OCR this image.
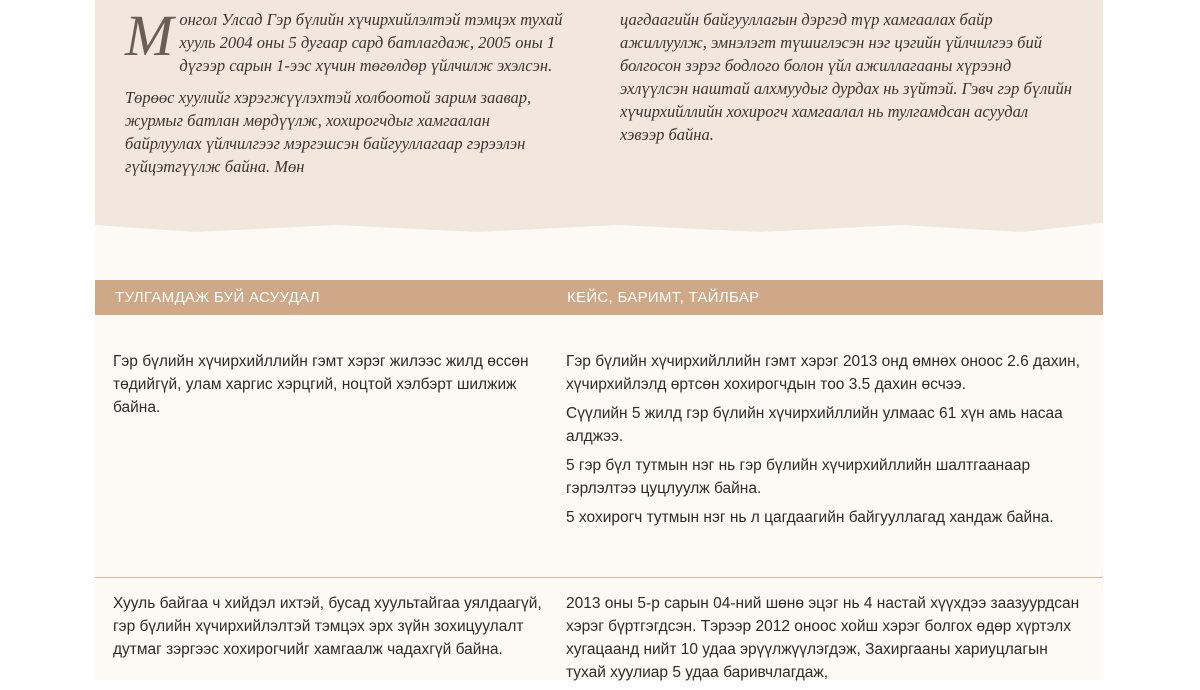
Монгол Улсад Гэр бүлийн хүчирхийлэлтэй тэмцэх тухай хууль 2004 оны 5 дугаар сард батлагдаж, 2005 оны 1 дүгээр сарын 1-ээс хүчин төгөлдөр үйлчилж эхэлсэн.

Төрөөс хуулийг хэрэгжүүлэхтэй холбоотой зарим заавар, журмыг батлан мөрдүүлж, хохирогчдыг хамгаалан байрлуулах үйлчилгээг мэргэшсэн байгууллагаар гэрээлэн гүйцэтгүүлж байна. Мөн

цагдаагийн байгууллагын дэргэд түр хамгаалах байр ажиллуулж, эмнэлэгт түшиглэсэн нэг цэгийн үйлчилгээ бий болгосон зэрэг бодлого болон үйл ажиллагааны хүрээнд эхлүүлсэн наштай алхмуудыг дурдах нь зүйтэй. Гэвч гэр бүлийн хүчирхийллийн хохирогч хамгаалал нь тулгамдсан асуудал хэвээр байна.

ТУЛГАМДАЖ БУЙ АСУУДАЛ	КЕЙС, БАРИМТ, ТАЙЛБАР

Гэр бүлийн хүчирхийллийн гэмт хэрэг жилээс жилд өссөн төдийгүй, улам харгис хэрцгий, ноцтой хэлбэрт шилжиж байна.

Гэр бүлийн хүчирхийллийн гэмт хэрэг 2013 онд өмнөх оноос 2.6 дахин, хүчирхийлэлд өртсөн хохирогчдын тоо 3.5 дахин өсчээ.

Сүүлийн 5 жилд гэр бүлийн хүчирхийллийн улмаас 61 хүн амь насаа алджээ.

5 гэр бүл тутмын нэг нь гэр бүлийн хүчирхийллийн шалтгаанаар гэрлэлтээ цуцлуулж байна.

5 хохирогч тутмын нэг нь л цагдаагийн байгууллагад хандаж байна.

Хууль байгаа ч хийдэл ихтэй, бусад хуультайгаа уялдаагүй, гэр бүлийн хүчирхийлэлтэй тэмцэх эрх зүйн зохицуулалт дутмаг зэргээс хохирогчийг хамгаалж чадахгүй байна.

2013 оны 5-р сарын 04-ний шөнө эцэг нь 4 настай хүүхдээ заазуурдсан хэрэг бүртгэгдсэн. Тэрээр 2012 оноос хойш хэрэг болгох өдөр хүртэлх хугацаанд нийт 10 удаа эрүүлжүүлэгдэж, Захиргааны хариуцлагын тухай хуулиар 5 удаа баривчлагдаж,
